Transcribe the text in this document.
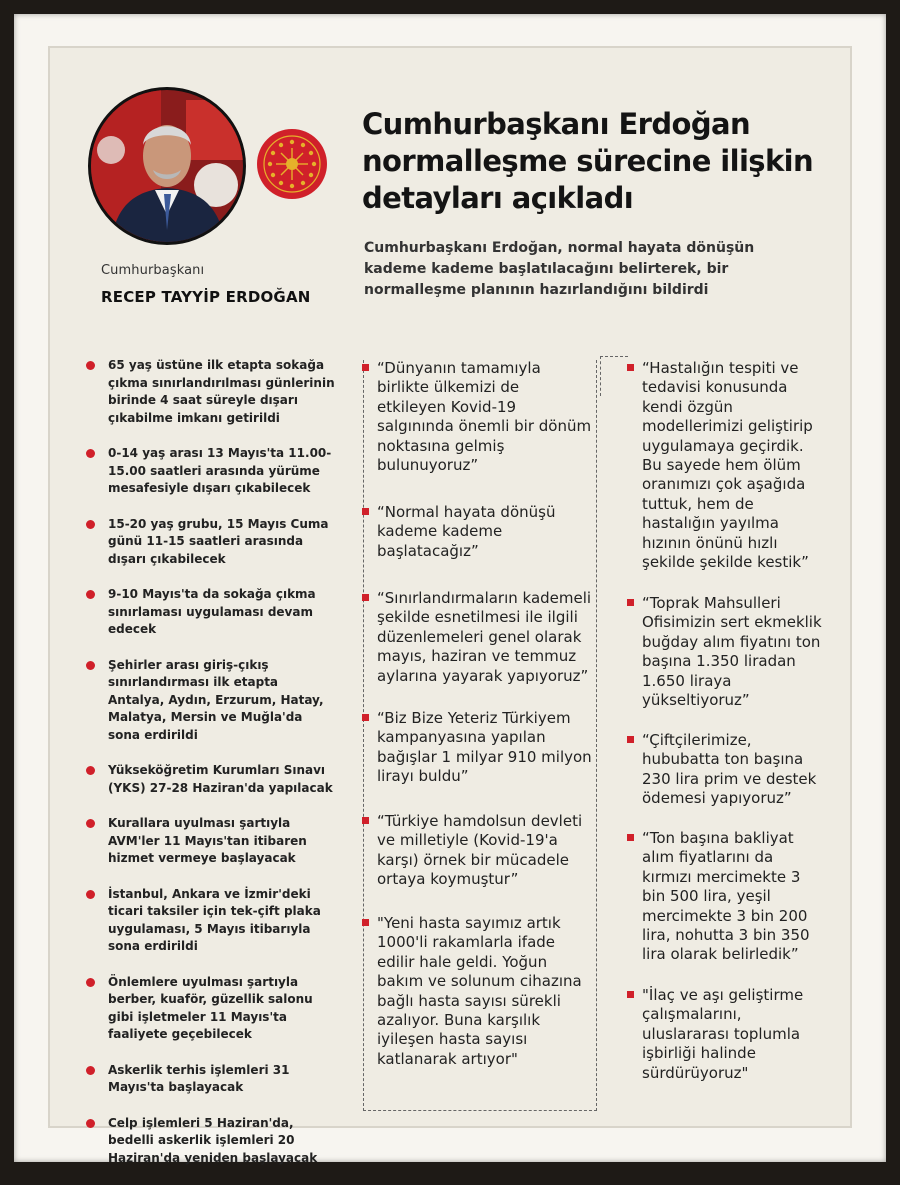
Cumhurbaşkanı
RECEP TAYYİP ERDOĞAN
Cumhurbaşkanı Erdoğan normalleşme sürecine ilişkin detayları açıkladı
Cumhurbaşkanı Erdoğan, normal hayata dönüşün kademe kademe başlatılacağını belirterek, bir normalleşme planının hazırlandığını bildirdi
65 yaş üstüne ilk etapta sokağa çıkma sınırlandırılması günlerinin birinde 4 saat süreyle dışarı çıkabilme imkanı getirildi
0-14 yaş arası 13 Mayıs'ta 11.00-15.00 saatleri arasında yürüme mesafesiyle dışarı çıkabilecek
15-20 yaş grubu, 15 Mayıs Cuma günü 11-15 saatleri arasında dışarı çıkabilecek
9-10 Mayıs'ta da sokağa çıkma sınırlaması uygulaması devam edecek
Şehirler arası giriş-çıkış sınırlandırması ilk etapta Antalya, Aydın, Erzurum, Hatay, Malatya, Mersin ve Muğla'da sona erdirildi
Yükseköğretim Kurumları Sınavı (YKS) 27-28 Haziran'da yapılacak
Kurallara uyulması şartıyla AVM'ler 11 Mayıs'tan itibaren hizmet vermeye başlayacak
İstanbul, Ankara ve İzmir'deki ticari taksiler için tek-çift plaka uygulaması, 5 Mayıs itibarıyla sona erdirildi
Önlemlere uyulması şartıyla berber, kuaför, güzellik salonu gibi işletmeler 11 Mayıs'ta faaliyete geçebilecek
Askerlik terhis işlemleri 31 Mayıs'ta başlayacak
Celp işlemleri 5 Haziran'da, bedelli askerlik işlemleri 20 Haziran'da yeniden başlayacak
“Dünyanın tamamıyla birlikte ülkemizi de etkileyen Kovid-19 salgınında önemli bir dönüm noktasına gelmiş bulunuyoruz”
“Normal hayata dönüşü kademe kademe başlatacağız”
“Sınırlandırmaların kademeli şekilde esnetilmesi ile ilgili düzenlemeleri genel olarak mayıs, haziran ve temmuz aylarına yayarak yapıyoruz”
“Biz Bize Yeteriz Türkiyem kampanyasına yapılan bağışlar 1 milyar 910 milyon lirayı buldu”
“Türkiye hamdolsun devleti ve milletiyle (Kovid-19'a karşı) örnek bir mücadele ortaya koymuştur”
"Yeni hasta sayımız artık 1000'li rakamlarla ifade edilir hale geldi. Yoğun bakım ve solunum cihazına bağlı hasta sayısı sürekli azalıyor. Buna karşılık iyileşen hasta sayısı katlanarak artıyor"
“Hastalığın tespiti ve tedavisi konusunda kendi özgün modellerimizi geliştirip uygulamaya geçirdik. Bu sayede hem ölüm oranımızı çok aşağıda tuttuk, hem de hastalığın yayılma hızının önünü hızlı şekilde şekilde kestik”
“Toprak Mahsulleri Ofisimizin sert ekmeklik buğday alım fiyatını ton başına 1.350 liradan 1.650 liraya yükseltiyoruz”
“Çiftçilerimize, hububatta ton başına 230 lira prim ve destek ödemesi yapıyoruz”
“Ton başına bakliyat alım fiyatlarını da kırmızı mercimekte 3 bin 500 lira, yeşil mercimekte 3 bin 200 lira, nohutta 3 bin 350 lira olarak belirledik”
"İlaç ve aşı geliştirme çalışmalarını, uluslararası toplumla işbirliği halinde sürdürüyoruz"
